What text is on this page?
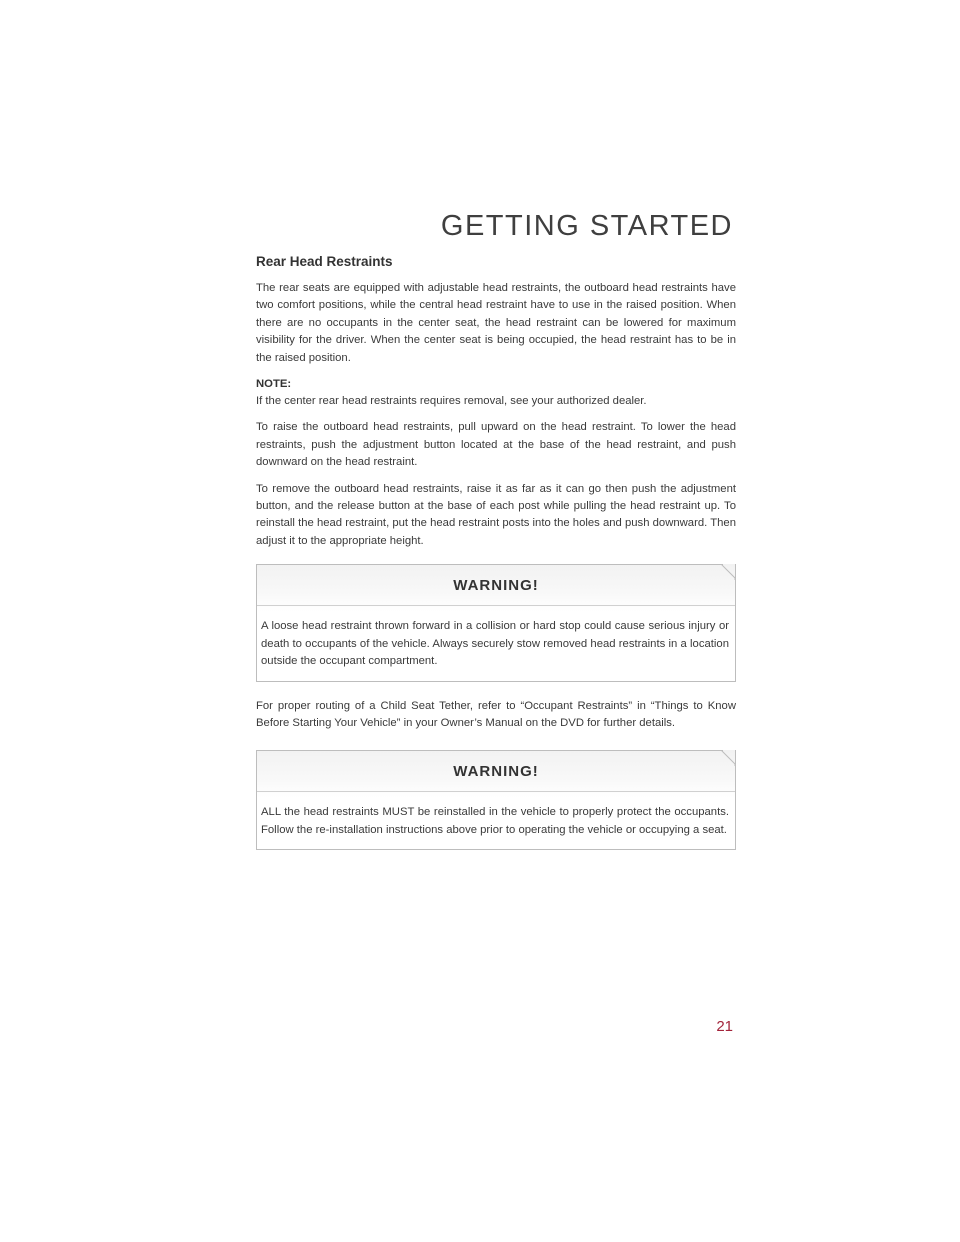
GETTING STARTED
Rear Head Restraints

The rear seats are equipped with adjustable head restraints, the outboard head restraints have two comfort positions, while the central head restraint have to use in the raised position. When there are no occupants in the center seat, the head restraint can be lowered for maximum visibility for the driver. When the center seat is being occupied, the head restraint has to be in the raised position.

NOTE:

If the center rear head restraints requires removal, see your authorized dealer.

To raise the outboard head restraints, pull upward on the head restraint. To lower the head restraints, push the adjustment button located at the base of the head restraint, and push downward on the head restraint.

To remove the outboard head restraints, raise it as far as it can go then push the adjustment button, and the release button at the base of each post while pulling the head restraint up. To reinstall the head restraint, put the head restraint posts into the holes and push downward. Then adjust it to the appropriate height.

WARNING!
A loose head restraint thrown forward in a collision or hard stop could cause serious injury or death to occupants of the vehicle. Always securely stow removed head restraints in a location outside the occupant compartment.

For proper routing of a Child Seat Tether, refer to “Occupant Restraints” in “Things to Know Before Starting Your Vehicle” in your Owner’s Manual on the DVD for further details.

WARNING!
ALL the head restraints MUST be reinstalled in the vehicle to properly protect the occupants. Follow the re-installation instructions above prior to operating the vehicle or occupying a seat.
21
